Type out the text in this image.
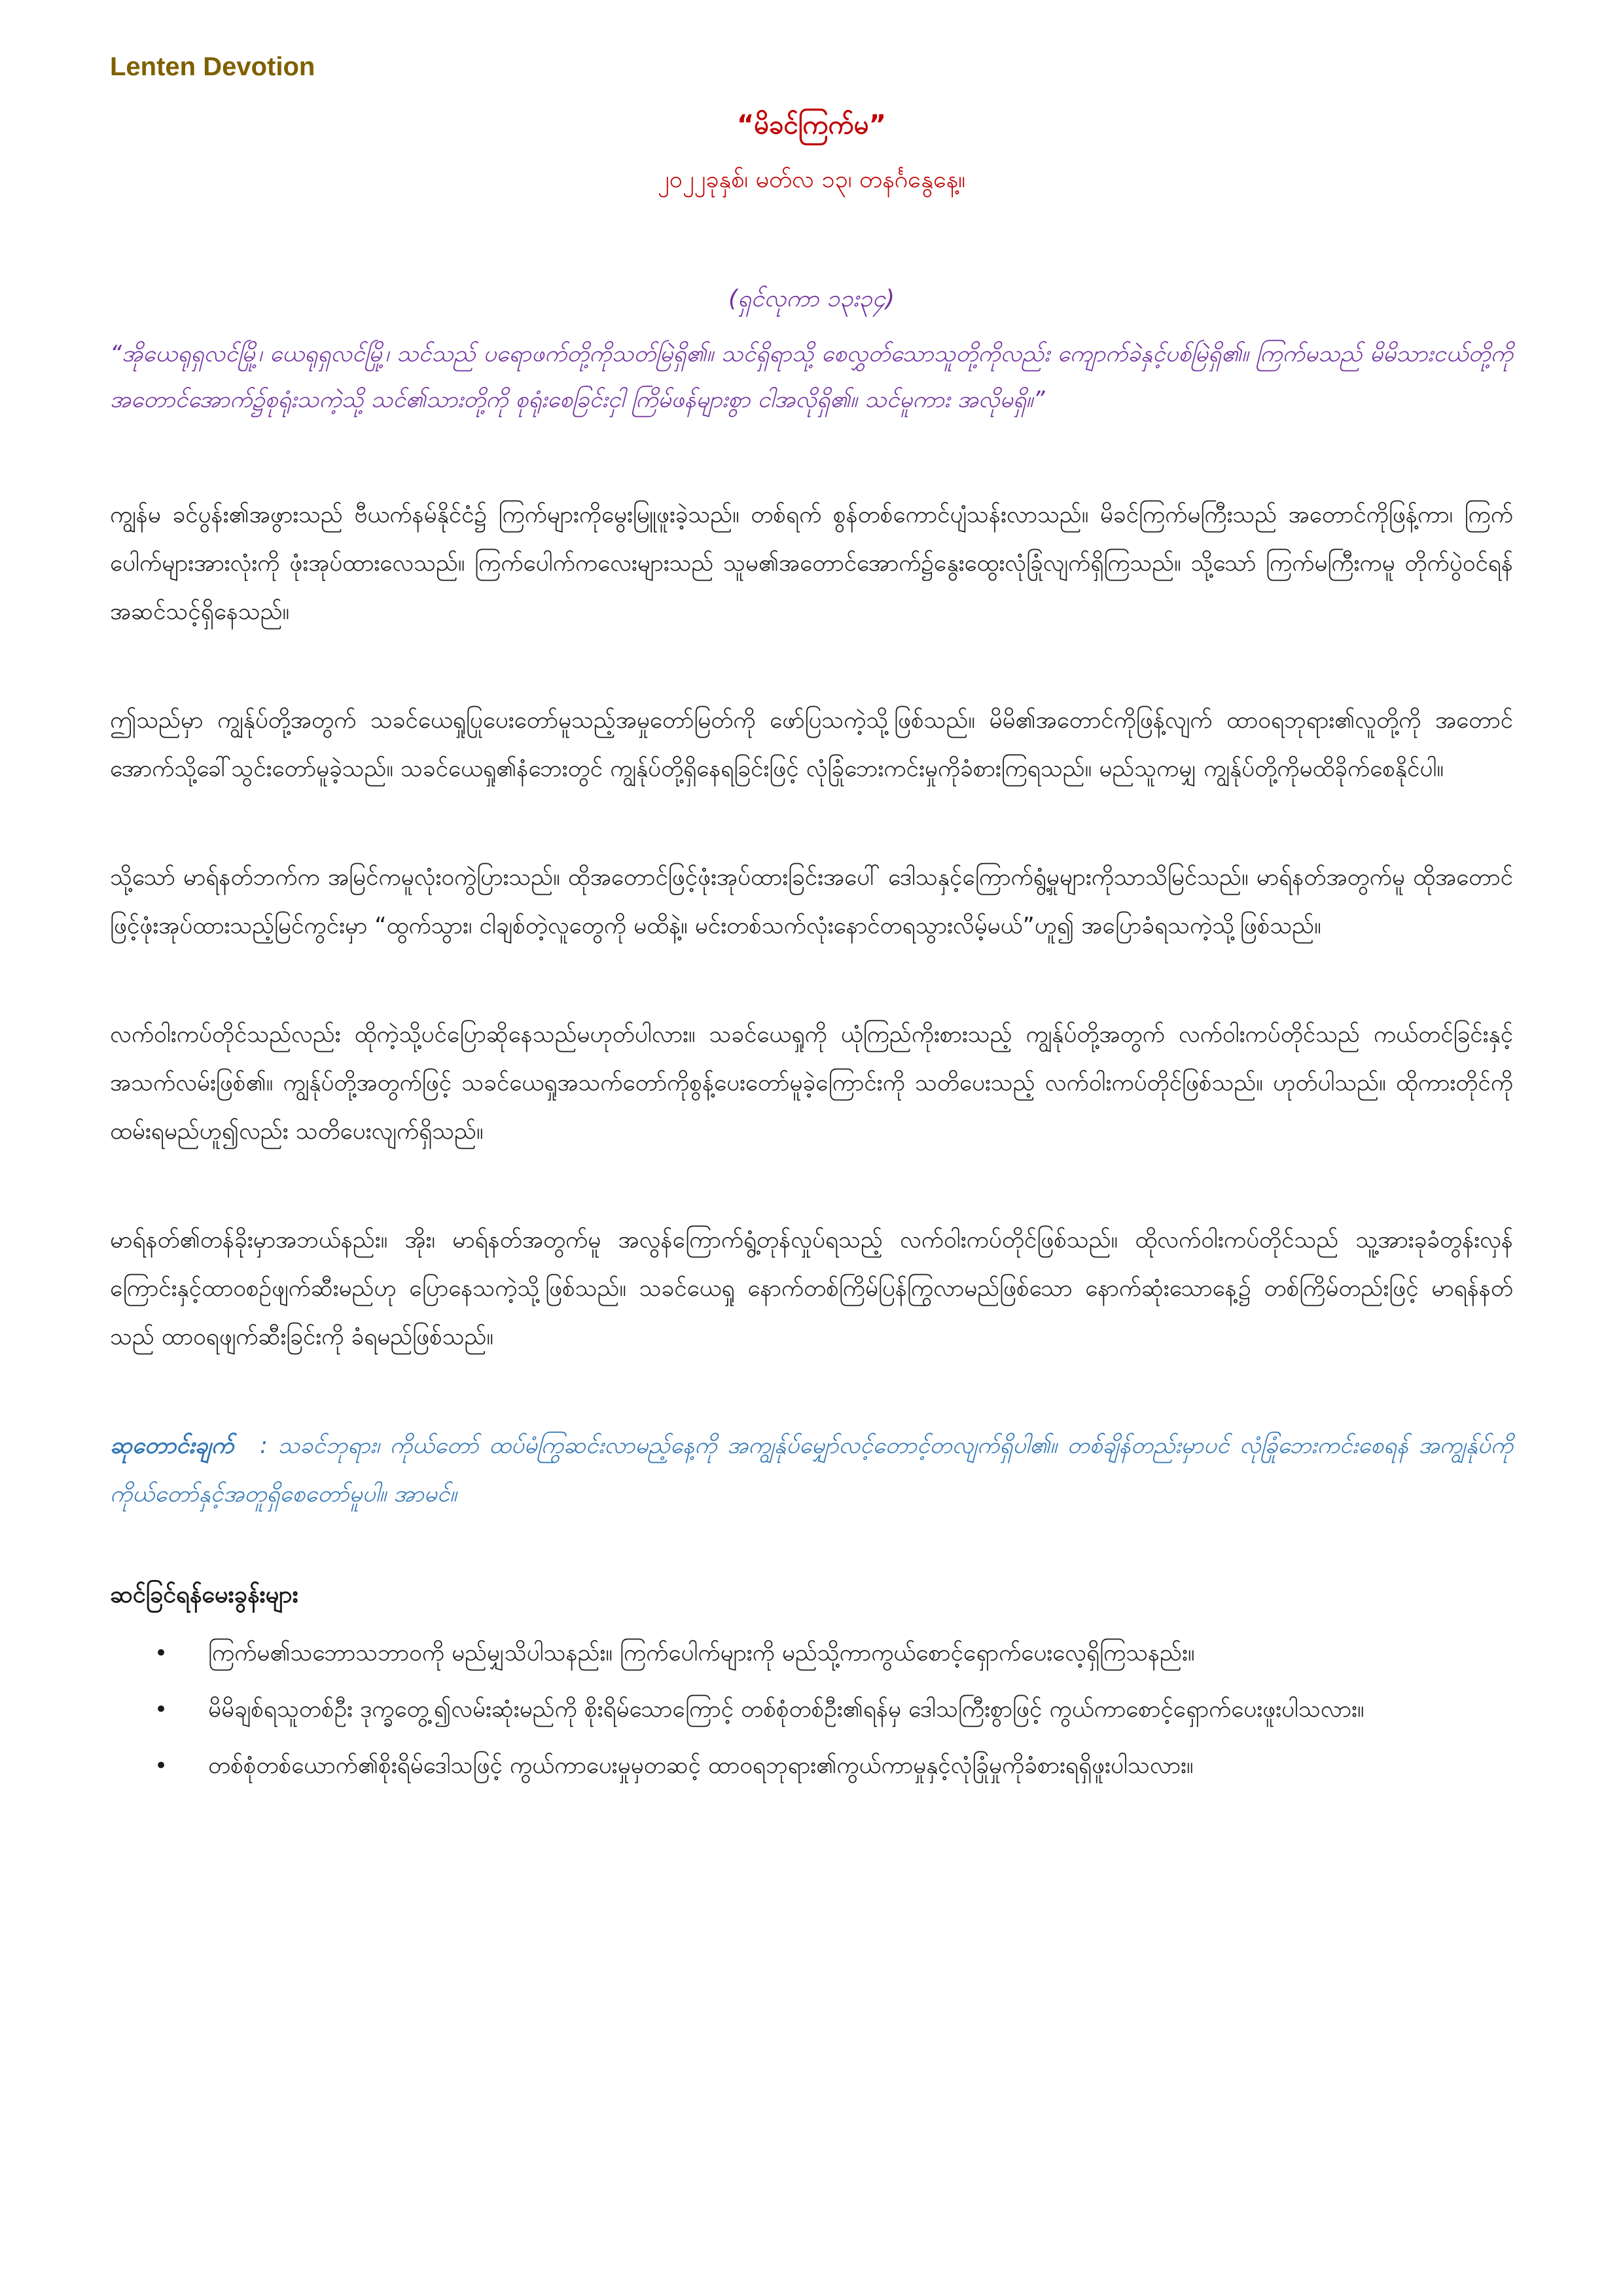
Lenten Devotion
“မိခင်ကြက်မ”
၂၀၂၂ခုနှစ်၊ မတ်လ ၁၃၊ တနင်္ဂနွေနေ့။
(ရှင်လုကာ ၁၃း၃၄)
“အိုယေရုရှလင်မြို့၊ ယေရုရှလင်မြို့၊ သင်သည် ပရောဖက်တို့ကိုသတ်မြဲရှိ၏။ သင်ရှိရာသို့ စေလွှတ်သောသူတို့ကိုလည်း ကျောက်ခဲနှင့်ပစ်မြဲရှိ၏။ ကြက်မသည် မိမိသားငယ်တို့ကို အတောင်အောက်၌စုရုံးသကဲ့သို့ သင်၏သားတို့ကို စုရုံးစေခြင်းငှါ ကြိမ်ဖန်များစွာ ငါအလိုရှိ၏။ သင်မူကား အလိုမရှိ။”

ကျွန်မ ခင်ပွန်း၏အဖွားသည် ဗီယက်နမ်နိုင်ငံ၌ ကြက်များကိုမွေးမြူဖူးခဲ့သည်။ တစ်ရက် စွန်တစ်ကောင်ပျံသန်းလာသည်။ မိခင်ကြက်မကြီးသည် အတောင်ကိုဖြန့်ကာ၊ ကြက်ပေါက်များအားလုံးကို ဖုံးအုပ်ထားလေသည်။ ကြက်ပေါက်ကလေးများသည် သူမ၏အတောင်အောက်၌နွေးထွေးလုံခြုံလျက်ရှိကြသည်။ သို့သော် ကြက်မကြီးကမူ တိုက်ပွဲဝင်ရန် အဆင်သင့်ရှိနေသည်။

ဤသည်မှာ ကျွန်ုပ်တို့အတွက် သခင်ယေရှုပြုပေးတော်မူသည့်အမှုတော်မြတ်ကို ဖော်ပြသကဲ့သို့ဖြစ်သည်။ မိမိ၏အတောင်ကိုဖြန့်လျက် ထာဝရဘုရား၏လူတို့ကို အတောင်အောက်သို့ခေါ်သွင်းတော်မူခဲ့သည်။ သခင်ယေရှု၏နံဘေးတွင် ကျွန်ုပ်တို့ရှိနေရခြင်းဖြင့် လုံခြုံဘေးကင်းမှုကိုခံစားကြရသည်။ မည်သူကမျှ ကျွန်ုပ်တို့ကိုမထိခိုက်စေနိုင်ပါ။

သို့သော် မာရ်နတ်ဘက်က အမြင်ကမူလုံးဝကွဲပြားသည်။ ထိုအတောင်ဖြင့်ဖုံးအုပ်ထားခြင်းအပေါ် ဒေါသနှင့်ကြောက်ရွံ့မှုများကိုသာသိမြင်သည်။ မာရ်နတ်အတွက်မူ ထိုအတောင်ဖြင့်ဖုံးအုပ်ထားသည့်မြင်ကွင်းမှာ “ထွက်သွား၊ ငါချစ်တဲ့လူတွေကို မထိနဲ့။ မင်းတစ်သက်လုံးနောင်တရသွားလိမ့်မယ်”ဟူ၍ အပြောခံရသကဲ့သို့ဖြစ်သည်။

လက်ဝါးကပ်တိုင်သည်လည်း ထိုကဲ့သို့ပင်ပြောဆိုနေသည်မဟုတ်ပါလား။ သခင်ယေရှုကို ယုံကြည်ကိုးစားသည့် ကျွန်ုပ်တို့အတွက် လက်ဝါးကပ်တိုင်သည် ကယ်တင်ခြင်းနှင့်အသက်လမ်းဖြစ်၏။ ကျွန်ုပ်တို့အတွက်ဖြင့် သခင်ယေရှုအသက်တော်ကိုစွန့်ပေးတော်မူခဲ့ကြောင်းကို သတိပေးသည့် လက်ဝါးကပ်တိုင်ဖြစ်သည်။ ဟုတ်ပါသည်။ ထိုကားတိုင်ကိုထမ်းရမည်ဟူ၍လည်း သတိပေးလျက်ရှိသည်။

မာရ်နတ်၏တန်ခိုးမှာအဘယ်နည်း။ အိုး၊ မာရ်နတ်အတွက်မူ အလွန်ကြောက်ရွံ့တုန်လှုပ်ရသည့် လက်ဝါးကပ်တိုင်ဖြစ်သည်။ ထိုလက်ဝါးကပ်တိုင်သည် သူ့အားခုခံတွန်းလှန်ကြောင်းနှင့်ထာဝစဉ်ဖျက်ဆီးမည်ဟု ပြောနေသကဲ့သို့ဖြစ်သည်။ သခင်ယေရှု နောက်တစ်ကြိမ်ပြန်ကြွလာမည်ဖြစ်သော နောက်ဆုံးသောနေ့၌ တစ်ကြိမ်တည်းဖြင့် မာရန်နတ်သည် ထာဝရဖျက်ဆီးခြင်းကို ခံရမည်ဖြစ်သည်။

ဆုတောင်းချက် : သခင်ဘုရား၊ ကိုယ်တော် ထပ်မံကြွဆင်းလာမည့်နေ့ကို အကျွန်ုပ်မျှော်လင့်တောင့်တလျက်ရှိပါ၏။ တစ်ချိန်တည်းမှာပင် လုံခြုံဘေးကင်းစေရန် အကျွန်ုပ်ကို ကိုယ်တော်နှင့်အတူရှိစေတော်မူပါ။ အာမင်။

ဆင်ခြင်ရန်မေးခွန်းများ
• ကြက်မ၏သဘောသဘာဝကို မည်မျှသိပါသနည်း။ ကြက်ပေါက်များကို မည်သို့ကာကွယ်စောင့်ရှောက်ပေးလေ့ရှိကြသနည်း။
• မိမိချစ်ရသူတစ်ဦး ဒုက္ခတွေ့၍လမ်းဆုံးမည်ကို စိုးရိမ်သောကြောင့် တစ်စုံတစ်ဦး၏ရန်မှ ဒေါသကြီးစွာဖြင့် ကွယ်ကာစောင့်ရှောက်ပေးဖူးပါသလား။
• တစ်စုံတစ်ယောက်၏စိုးရိမ်ဒေါသဖြင့် ကွယ်ကာပေးမှုမှတဆင့် ထာဝရဘုရား၏ကွယ်ကာမှုနှင့်လုံခြုံမှုကိုခံစားရရှိဖူးပါသလား။
